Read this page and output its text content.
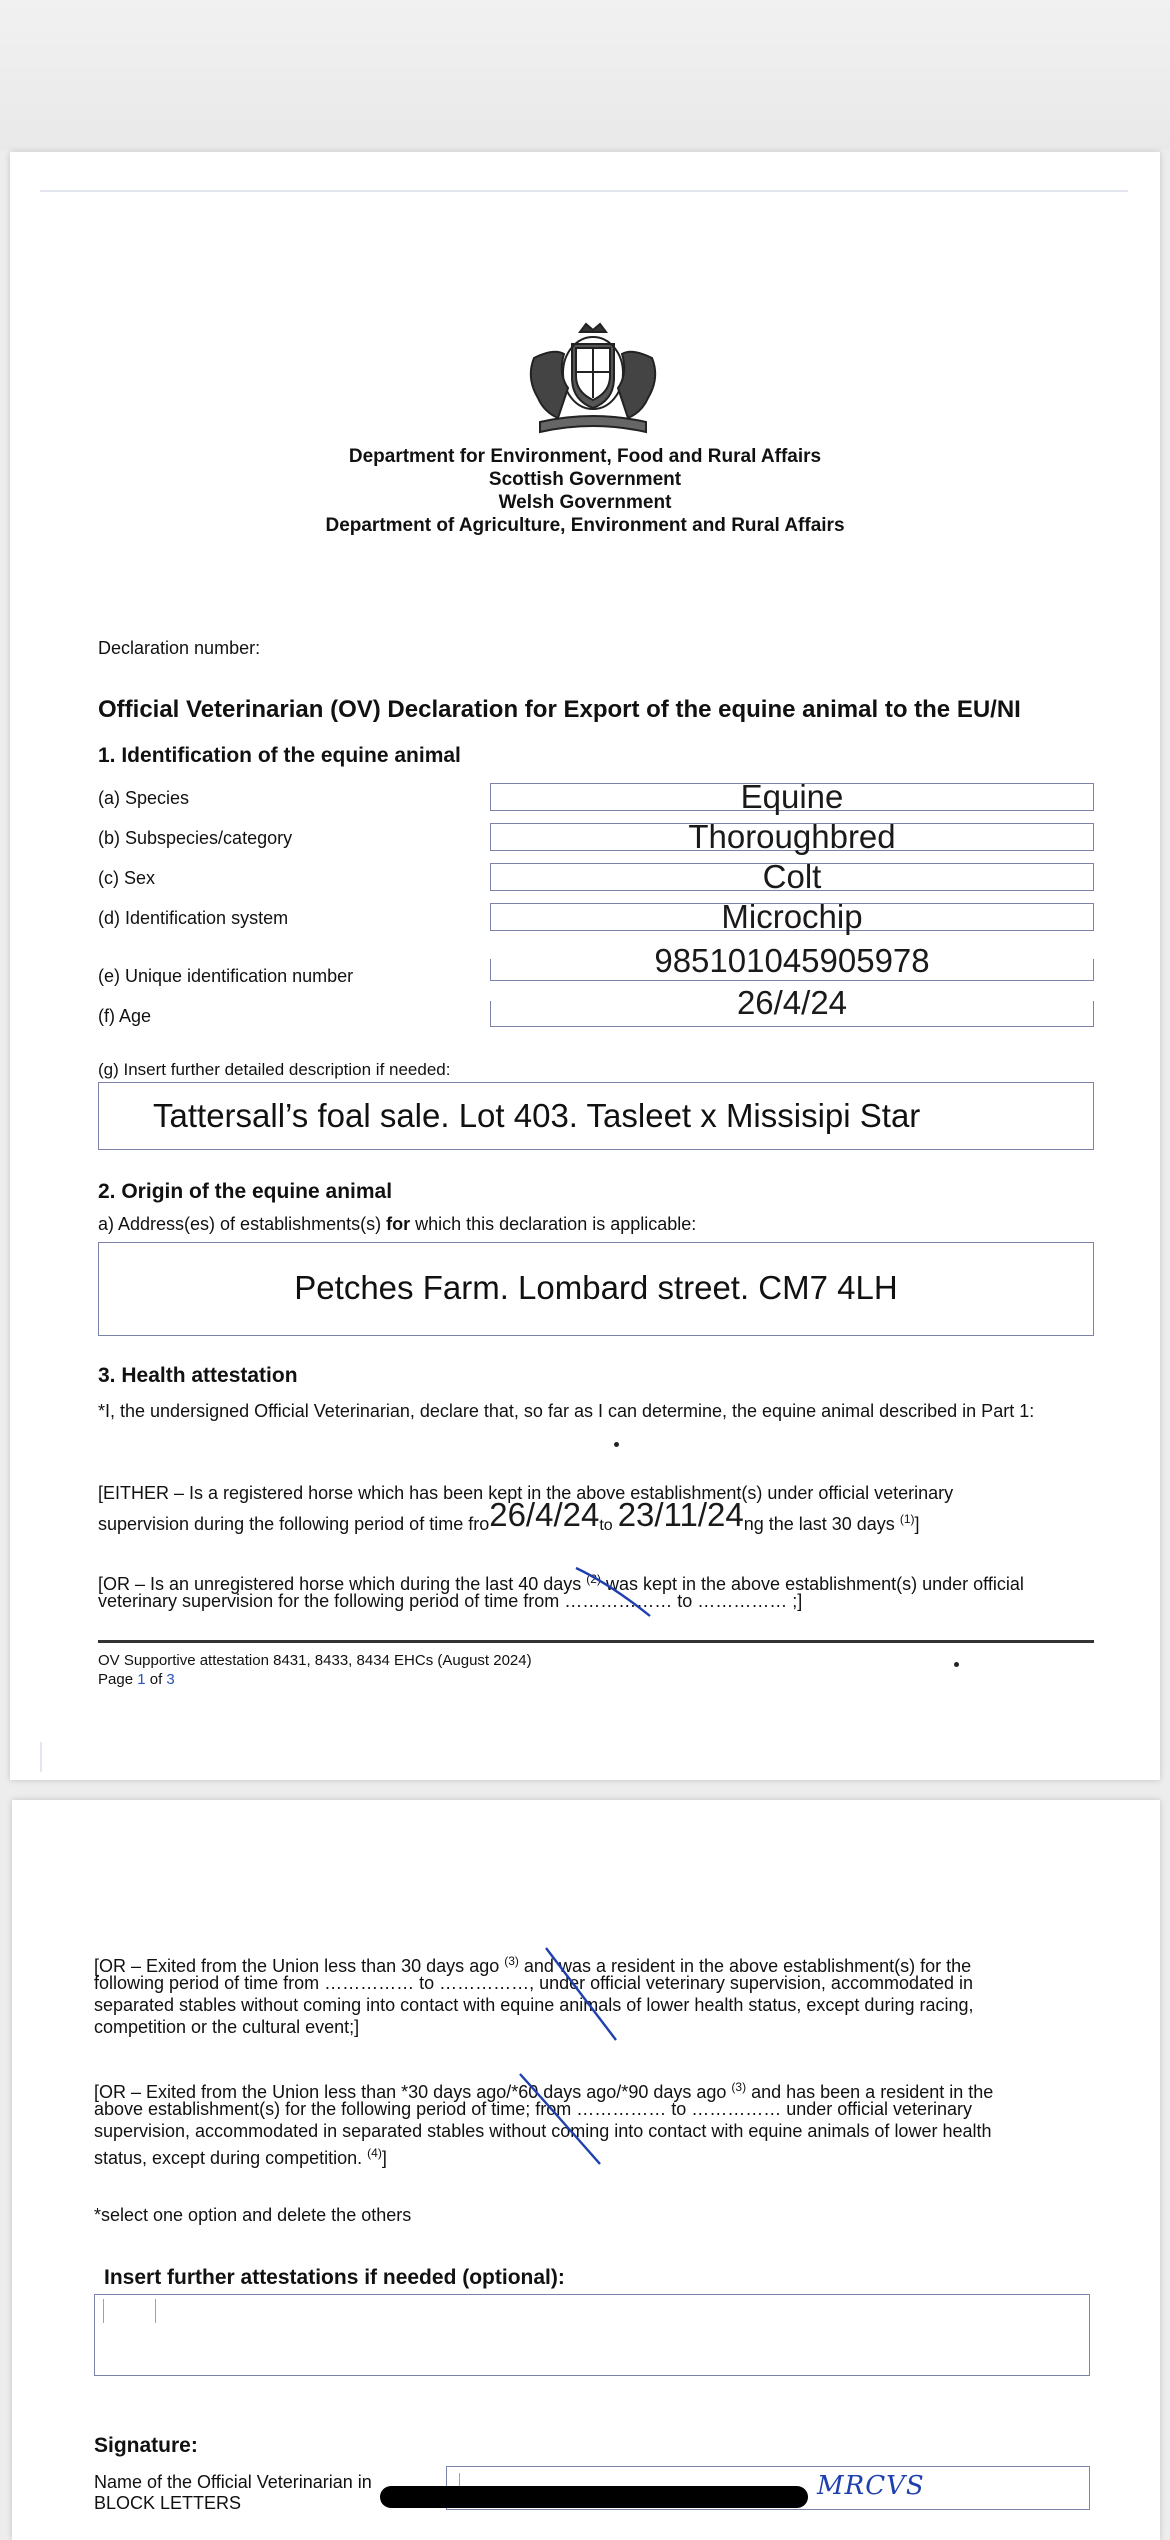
Department for Environment, Food and Rural Affairs
Scottish Government
Welsh Government
Department of Agriculture, Environment and Rural Affairs
Declaration number:
Official Veterinarian (OV) Declaration for Export of the equine animal to the EU/NI
1. Identification of the equine animal
(a) Species	Equine
(b) Subspecies/category	Thoroughbred
(c) Sex	Colt
(d) Identification system	Microchip
(e) Unique identification number	985101045905978
(f) Age	26/4/24
(g) Insert further detailed description if needed:
Tattersall’s foal sale. Lot 403. Tasleet x Missisipi Star
2. Origin of the equine animal
a) Address(es) of establishments(s) for which this declaration is applicable:
Petches Farm. Lombard street. CM7 4LH
3. Health attestation
*I, the undersigned Official Veterinarian, declare that, so far as I can determine, the equine animal described in Part 1:
[EITHER – Is a registered horse which has been kept in the above establishment(s) under official veterinary
supervision during the following period of time fro26/4/24to 23/11/24ng the last 30 days $^{(1)}$]
[OR – Is an unregistered horse which during the last 40 days $^{(2)}$ was kept in the above establishment(s) under official
veterinary supervision for the following period of time from ……………… to …………… ;]
OV Supportive attestation 8431, 8433, 8434 EHCs (August 2024)
Page 1 of 3
[OR – Exited from the Union less than 30 days ago $^{(3)}$ and was a resident in the above establishment(s) for the
following period of time from …………… to ……………, under official veterinary supervision, accommodated in
separated stables without coming into contact with equine animals of lower health status, except during racing,
competition or the cultural event;]
[OR – Exited from the Union less than *30 days ago/*60 days ago/*90 days ago $^{(3)}$ and has been a resident in the
above establishment(s) for the following period of time; from …………… to …………… under official veterinary
supervision, accommodated in separated stables without coming into contact with equine animals of lower health
status, except during competition. $^{(4)}$]
*select one option and delete the others
Insert further attestations if needed (optional):
Signature:
Name of the Official Veterinarian in
BLOCK LETTERS
MRCVS
